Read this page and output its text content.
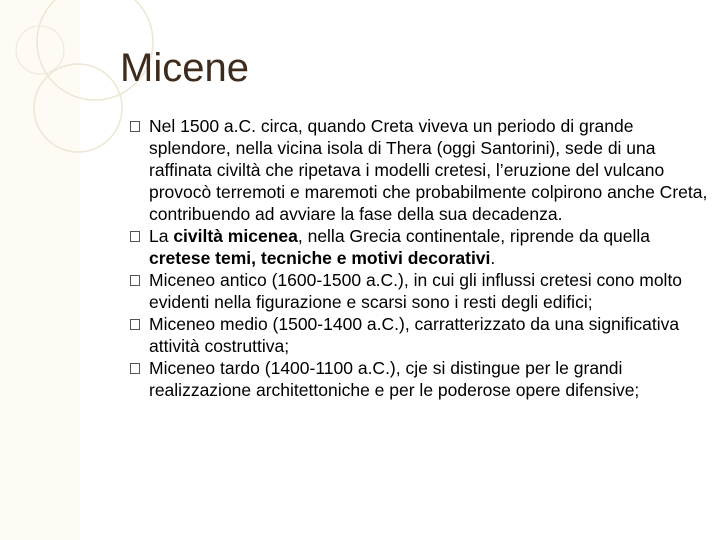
Micene
Nel 1500 a.C. circa, quando Creta viveva un periodo di grande splendore, nella vicina isola di Thera (oggi Santorini), sede di una raffinata civiltà che ripetava i modelli cretesi, l’eruzione del vulcano provocò terremoti e maremoti che probabilmente colpirono anche Creta, contribuendo ad avviare la fase della sua decadenza.
La civiltà micenea, nella Grecia continentale, riprende da quella cretese temi, tecniche e motivi decorativi.
Miceneo antico (1600-1500 a.C.), in cui gli influssi cretesi cono molto evidenti nella figurazione e scarsi sono i resti degli edifici;
Miceneo medio (1500-1400 a.C.), carratterizzato da una significativa attività costruttiva;
Miceneo tardo (1400-1100 a.C.), cje si distingue per le grandi realizzazione architettoniche e per le poderose opere difensive;
